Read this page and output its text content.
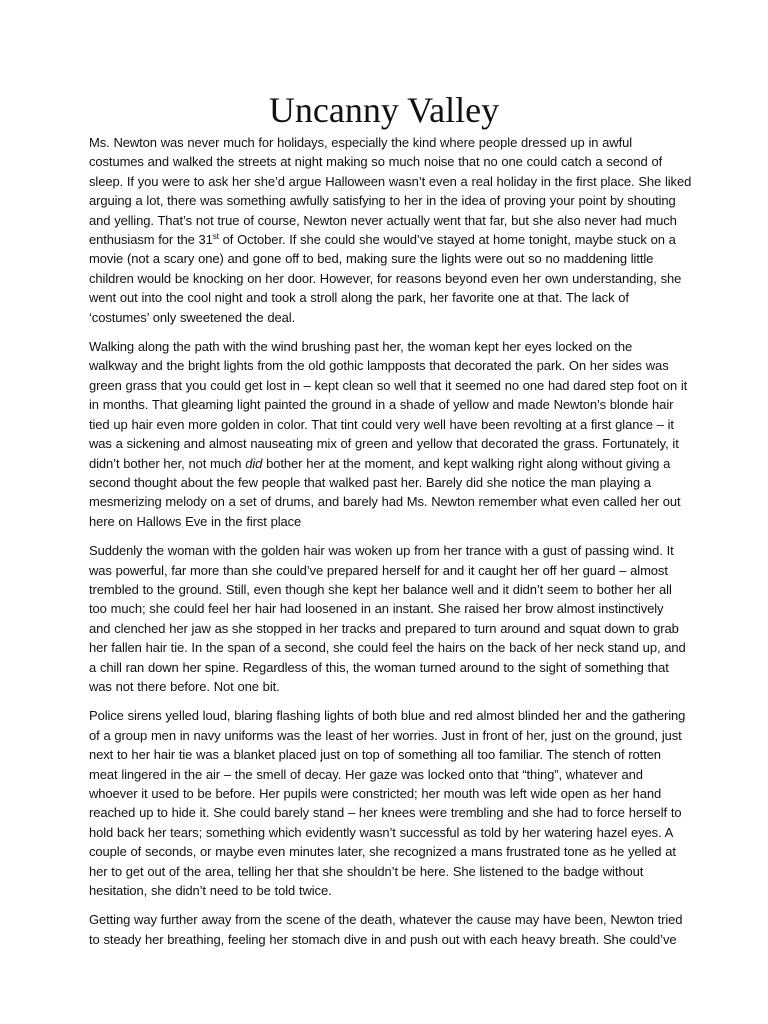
Uncanny Valley

Ms. Newton was never much for holidays, especially the kind where people dressed up in awful
costumes and walked the streets at night making so much noise that no one could catch a second of
sleep. If you were to ask her she’d argue Halloween wasn’t even a real holiday in the first place. She liked
arguing a lot, there was something awfully satisfying to her in the idea of proving your point by shouting
and yelling. That’s not true of course, Newton never actually went that far, but she also never had much
enthusiasm for the 31st of October. If she could she would’ve stayed at home tonight, maybe stuck on a
movie (not a scary one) and gone off to bed, making sure the lights were out so no maddening little
children would be knocking on her door. However, for reasons beyond even her own understanding, she
went out into the cool night and took a stroll along the park, her favorite one at that. The lack of
‘costumes’ only sweetened the deal.

Walking along the path with the wind brushing past her, the woman kept her eyes locked on the
walkway and the bright lights from the old gothic lampposts that decorated the park. On her sides was
green grass that you could get lost in – kept clean so well that it seemed no one had dared step foot on it
in months. That gleaming light painted the ground in a shade of yellow and made Newton’s blonde hair
tied up hair even more golden in color. That tint could very well have been revolting at a first glance – it
was a sickening and almost nauseating mix of green and yellow that decorated the grass. Fortunately, it
didn’t bother her, not much did bother her at the moment, and kept walking right along without giving a
second thought about the few people that walked past her. Barely did she notice the man playing a
mesmerizing melody on a set of drums, and barely had Ms. Newton remember what even called her out
here on Hallows Eve in the first place

Suddenly the woman with the golden hair was woken up from her trance with a gust of passing wind. It
was powerful, far more than she could’ve prepared herself for and it caught her off her guard – almost
trembled to the ground. Still, even though she kept her balance well and it didn’t seem to bother her all
too much; she could feel her hair had loosened in an instant. She raised her brow almost instinctively
and clenched her jaw as she stopped in her tracks and prepared to turn around and squat down to grab
her fallen hair tie. In the span of a second, she could feel the hairs on the back of her neck stand up, and
a chill ran down her spine. Regardless of this, the woman turned around to the sight of something that
was not there before. Not one bit.

Police sirens yelled loud, blaring flashing lights of both blue and red almost blinded her and the gathering
of a group men in navy uniforms was the least of her worries. Just in front of her, just on the ground, just
next to her hair tie was a blanket placed just on top of something all too familiar. The stench of rotten
meat lingered in the air – the smell of decay. Her gaze was locked onto that “thing”, whatever and
whoever it used to be before. Her pupils were constricted; her mouth was left wide open as her hand
reached up to hide it. She could barely stand – her knees were trembling and she had to force herself to
hold back her tears; something which evidently wasn’t successful as told by her watering hazel eyes. A
couple of seconds, or maybe even minutes later, she recognized a mans frustrated tone as he yelled at
her to get out of the area, telling her that she shouldn’t be here. She listened to the badge without
hesitation, she didn’t need to be told twice.

Getting way further away from the scene of the death, whatever the cause may have been, Newton tried
to steady her breathing, feeling her stomach dive in and push out with each heavy breath. She could’ve
